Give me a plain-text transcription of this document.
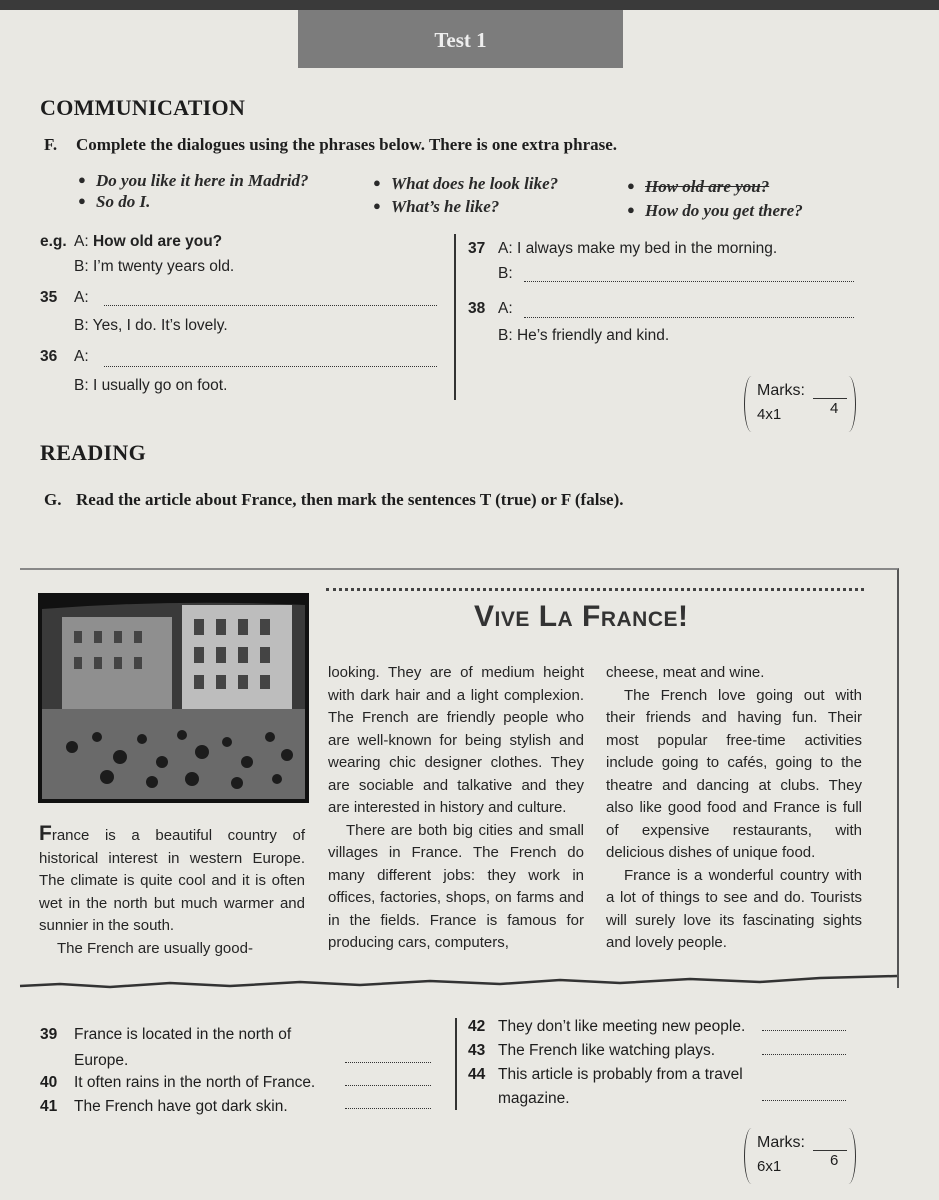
Test 1
COMMUNICATION
F. Complete the dialogues using the phrases below. There is one extra phrase.
● Do you like it here in Madrid?
● So do I.
● What does he look like?
● What’s he like?
● How old are you?
● How do you get there?
e.g. A: How old are you?
B: I’m twenty years old.
35 A:
B: Yes, I do. It’s lovely.
36 A:
B: I usually go on foot.
37 A: I always make my bed in the morning.
B:
38 A:
B: He’s friendly and kind.
Marks:
4x1	4
READING
G. Read the article about France, then mark the sentences T (true) or F (false).
Vive La France!

France is a beautiful country of historical interest in western Europe. The climate is quite cool and it is often wet in the north but much warmer and sunnier in the south.

The French are usually good-

looking. They are of medium height with dark hair and a light complexion. The French are friendly people who are well-known for being stylish and wearing chic designer clothes. They are sociable and talkative and they are interested in history and culture.

There are both big cities and small villages in France. The French do many different jobs: they work in offices, factories, shops, on farms and in the fields. France is famous for producing cars, computers,

cheese, meat and wine.

The French love going out with their friends and having fun. Their most popular free-time activities include going to cafés, going to the theatre and dancing at clubs. They also like good food and France is full of expensive restaurants, with delicious dishes of unique food.

France is a wonderful country with a lot of things to see and do. Tourists will surely love its fascinating sights and lovely people.

39 France is located in the north of
Europe.
40 It often rains in the north of France.
41 The French have got dark skin.
42 They don’t like meeting new people.
43 The French like watching plays.
44 This article is probably from a travel
magazine.
Marks:
6x1	6
